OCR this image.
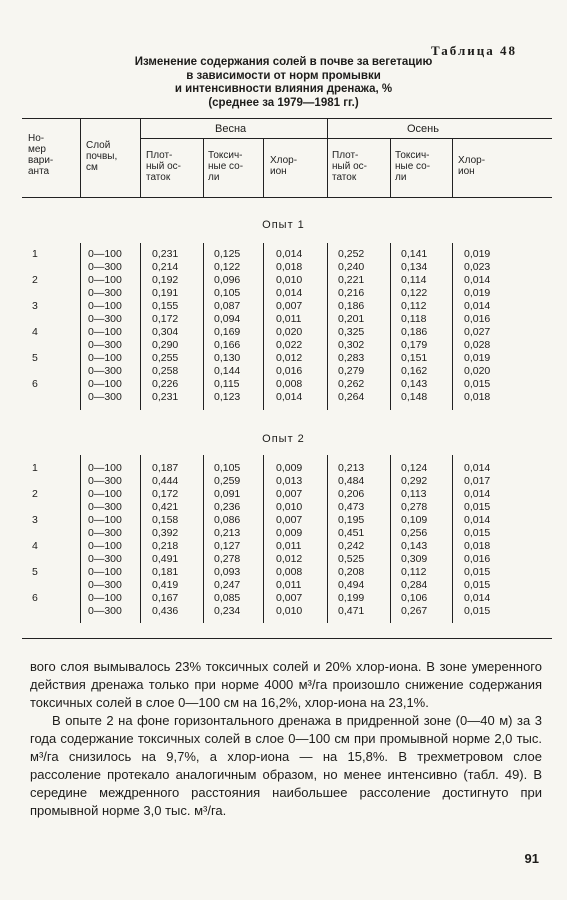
Таблица 48
Изменение содержания солей в почве за вегетацию
в зависимости от норм промывки
и интенсивности влияния дренажа, %
(среднее за 1979—1981 гг.)
Но-
мер
вари-
анта
Слой
почвы,
см
Весна	Осень
Плот-
ный ос-
таток
Токсич-
ные со-
ли
Хлор-
ион
Плот-
ный ос-
таток
Токсич-
ные со-
ли
Хлор-
ион
Опыт 1
Опыт 2
1	0—100	0,231	0,125	0,014	0,252	0,141	0,019
0—300	0,214	0,122	0,018	0,240	0,134	0,023
2	0—100	0,192	0,096	0,010	0,221	0,114	0,014
0—300	0,191	0,105	0,014	0,216	0,122	0,019
3	0—100	0,155	0,087	0,007	0,186	0,112	0,014
0—300	0,172	0,094	0,011	0,201	0,118	0,016
4	0—100	0,304	0,169	0,020	0,325	0,186	0,027
0—300	0,290	0,166	0,022	0,302	0,179	0,028
5	0—100	0,255	0,130	0,012	0,283	0,151	0,019
0—300	0,258	0,144	0,016	0,279	0,162	0,020
6	0—100	0,226	0,115	0,008	0,262	0,143	0,015
0—300	0,231	0,123	0,014	0,264	0,148	0,018
1	0—100	0,187	0,105	0,009	0,213	0,124	0,014
0—300	0,444	0,259	0,013	0,484	0,292	0,017
2	0—100	0,172	0,091	0,007	0,206	0,113	0,014
0—300	0,421	0,236	0,010	0,473	0,278	0,015
3	0—100	0,158	0,086	0,007	0,195	0,109	0,014
0—300	0,392	0,213	0,009	0,451	0,256	0,015
4	0—100	0,218	0,127	0,011	0,242	0,143	0,018
0—300	0,491	0,278	0,012	0,525	0,309	0,016
5	0—100	0,181	0,093	0,008	0,208	0,112	0,015
0—300	0,419	0,247	0,011	0,494	0,284	0,015
6	0—100	0,167	0,085	0,007	0,199	0,106	0,014
0—300	0,436	0,234	0,010	0,471	0,267	0,015

вого слоя вымывалось 23% токсичных солей и 20% хлор-иона. В зоне умеренного действия дренажа только при норме 4000 м³/га произошло снижение содержания токсичных солей в слое 0—100 см на 16,2%, хлор-иона на 23,1%.

В опыте 2 на фоне горизонтального дренажа в придренной зоне (0—40 м) за 3 года содержание токсичных солей в слое 0—100 см при промывной норме 2,0 тыс. м³/га снизилось на 9,7%, а хлор-иона — на 15,8%. В трехметровом слое рассоление протекало аналогичным образом, но менее интенсивно (табл. 49). В середине междренного расстояния наибольшее рассоление достигнуто при промывной норме 3,0 тыс. м³/га.

91
